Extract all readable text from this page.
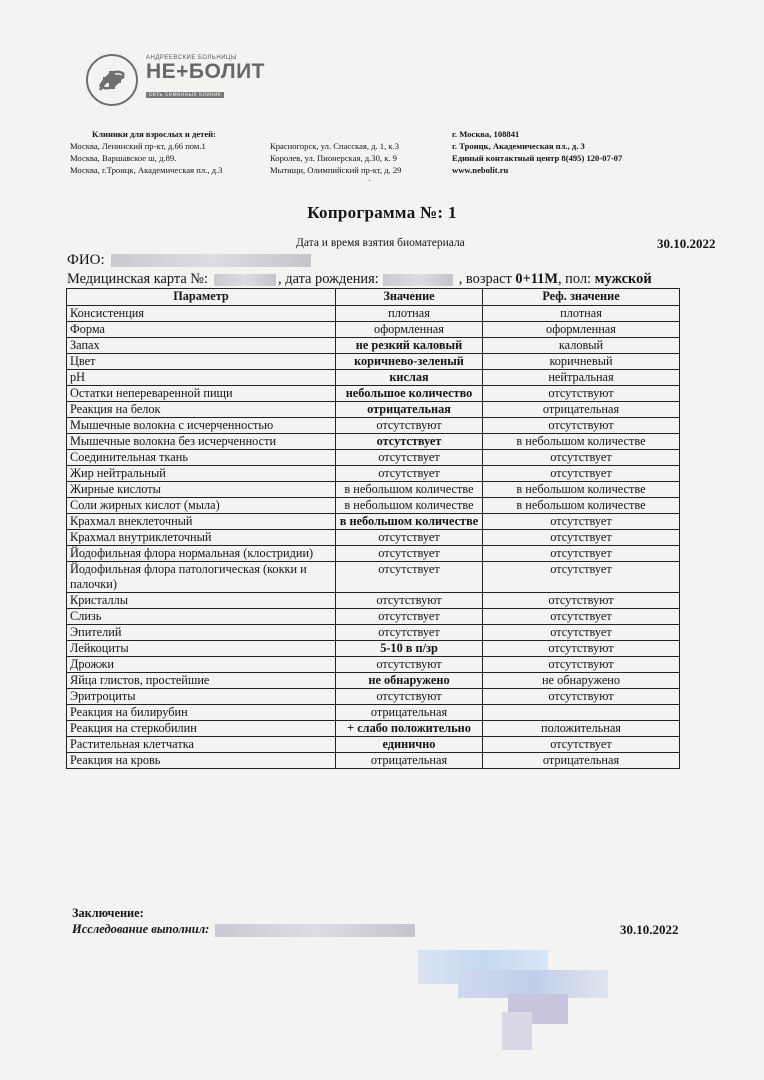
АНДРЕЕВСКИЕ БОЛЬНИЦЫ
НЕ+БОЛИТ
сеть семейных клиник
Клиники для взрослых и детей:
Москва, Ленинский пр-кт, д.66 пом.1
Москва, Варшавское ш, д.89.
Москва, г.Троицк, Академическая пл., д.3
Красногорск, ул. Спасская, д. 1, к.3
Королев, ул. Пионерская, д.30, к. 9
Мытищи, Олимпийский пр-кт, д. 29
г. Москва, 108841
г. Троицк, Академическая пл., д. 3
Единый контактный центр 8(495) 120-07-07
www.nebolit.ru
Копрограмма №: 1
Дата и время взятия биоматериала	30.10.2022
ФИО:
Медицинская карта №:	, дата рождения:	, возраст 0+11М, пол: мужской
Параметр	Значение	Реф. значение
Консистенция	плотная	плотная
Форма	оформленная	оформленная
Запах	не резкий каловый	каловый
Цвет	коричнево-зеленый	коричневый
pH	кислая	нейтральная
Остатки непереваренной пищи	небольшое количество	отсутствуют
Реакция на белок	отрицательная	отрицательная
Мышечные волокна с исчерченностью	отсутствуют	отсутствуют
Мышечные волокна без исчерченности	отсутствует	в небольшом количестве
Соединительная ткань	отсутствует	отсутствует
Жир нейтральный	отсутствует	отсутствует
Жирные кислоты	в небольшом количестве	в небольшом количестве
Соли жирных кислот (мыла)	в небольшом количестве	в небольшом количестве
Крахмал внеклеточный	в небольшом количестве	отсутствует
Крахмал внутриклеточный	отсутствует	отсутствует
Йодофильная флора нормальная (клостридии)	отсутствует	отсутствует
Йодофильная флора патологическая (кокки и палочки)	отсутствует	отсутствует
Кристаллы	отсутствуют	отсутствуют
Слизь	отсутствует	отсутствует
Эпителий	отсутствует	отсутствует
Лейкоциты	5-10 в п/зр	отсутствуют
Дрожжи	отсутствуют	отсутствуют
Яйца глистов, простейшие	не обнаружено	не обнаружено
Эритроциты	отсутствуют	отсутствуют
Реакция на билирубин	отрицательная	
Реакция на стеркобилин	+ слабо положительно	положительная
Растительная клетчатка	единично	отсутствует
Реакция на кровь	отрицательная	отрицательная
Заключение:
Исследование выполнил:	30.10.2022
·
